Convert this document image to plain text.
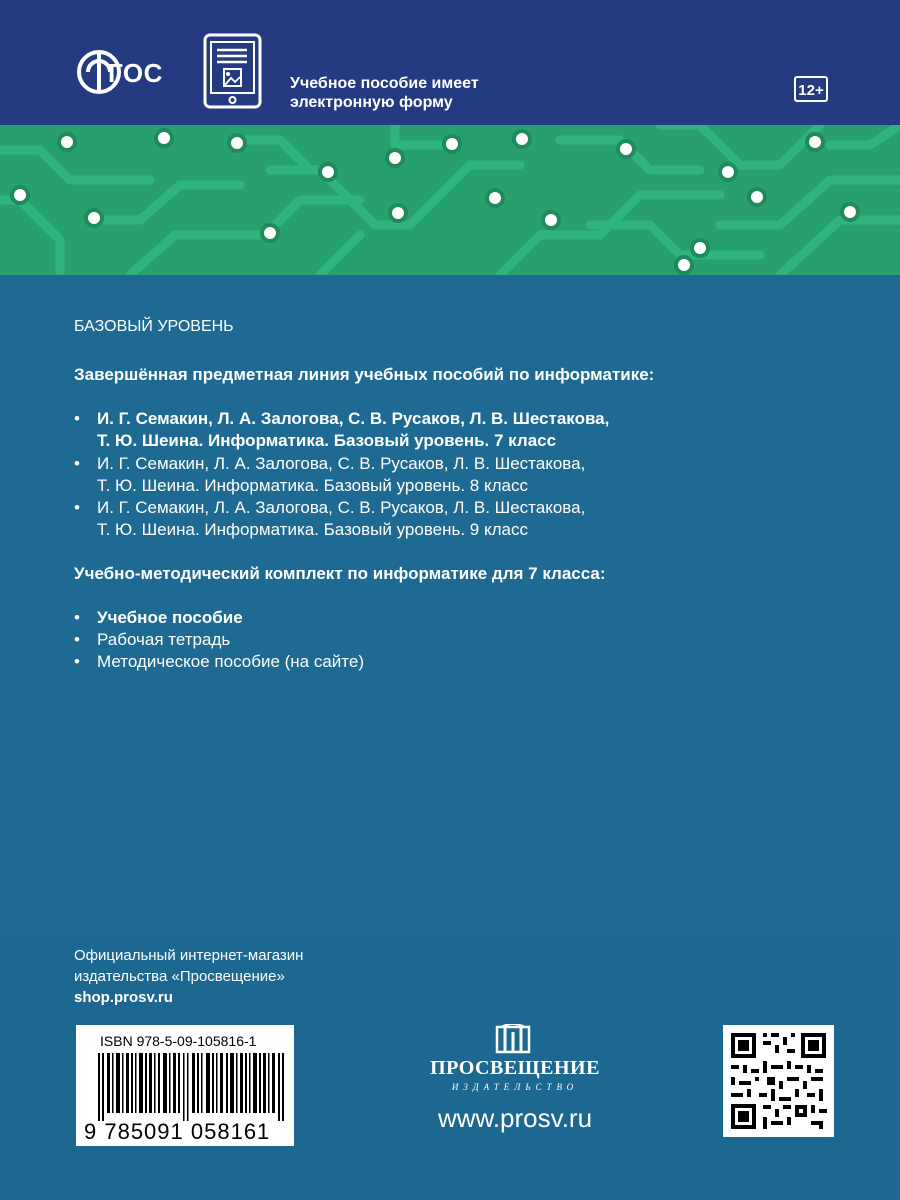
ГОС	Учебное пособие имеет
электронную форму
12+

БАЗОВЫЙ УРОВЕНЬ

Завершённая предметная линия учебных пособий по информатике:

• И. Г. Семакин, Л. А. Залогова, С. В. Русаков, Л. В. Шестакова,

Т. Ю. Шеина. Информатика. Базовый уровень. 7 класс

• И. Г. Семакин, Л. А. Залогова, С. В. Русаков, Л. В. Шестакова,

Т. Ю. Шеина. Информатика. Базовый уровень. 8 класс

• И. Г. Семакин, Л. А. Залогова, С. В. Русаков, Л. В. Шестакова,

Т. Ю. Шеина. Информатика. Базовый уровень. 9 класс

Учебно-методический комплект по информатике для 7 класса:

• Учебное пособие

• Рабочая тетрадь

• Методическое пособие (на сайте)

Официальный интернет-магазин
издательства «Просвещение»
shop.prosv.ru
ISBN 978-5-09-105816-1
9 785091 058161
ПРОСВЕЩЕНИЕ
ИЗДАТЕЛЬСТВО
www.prosv.ru
